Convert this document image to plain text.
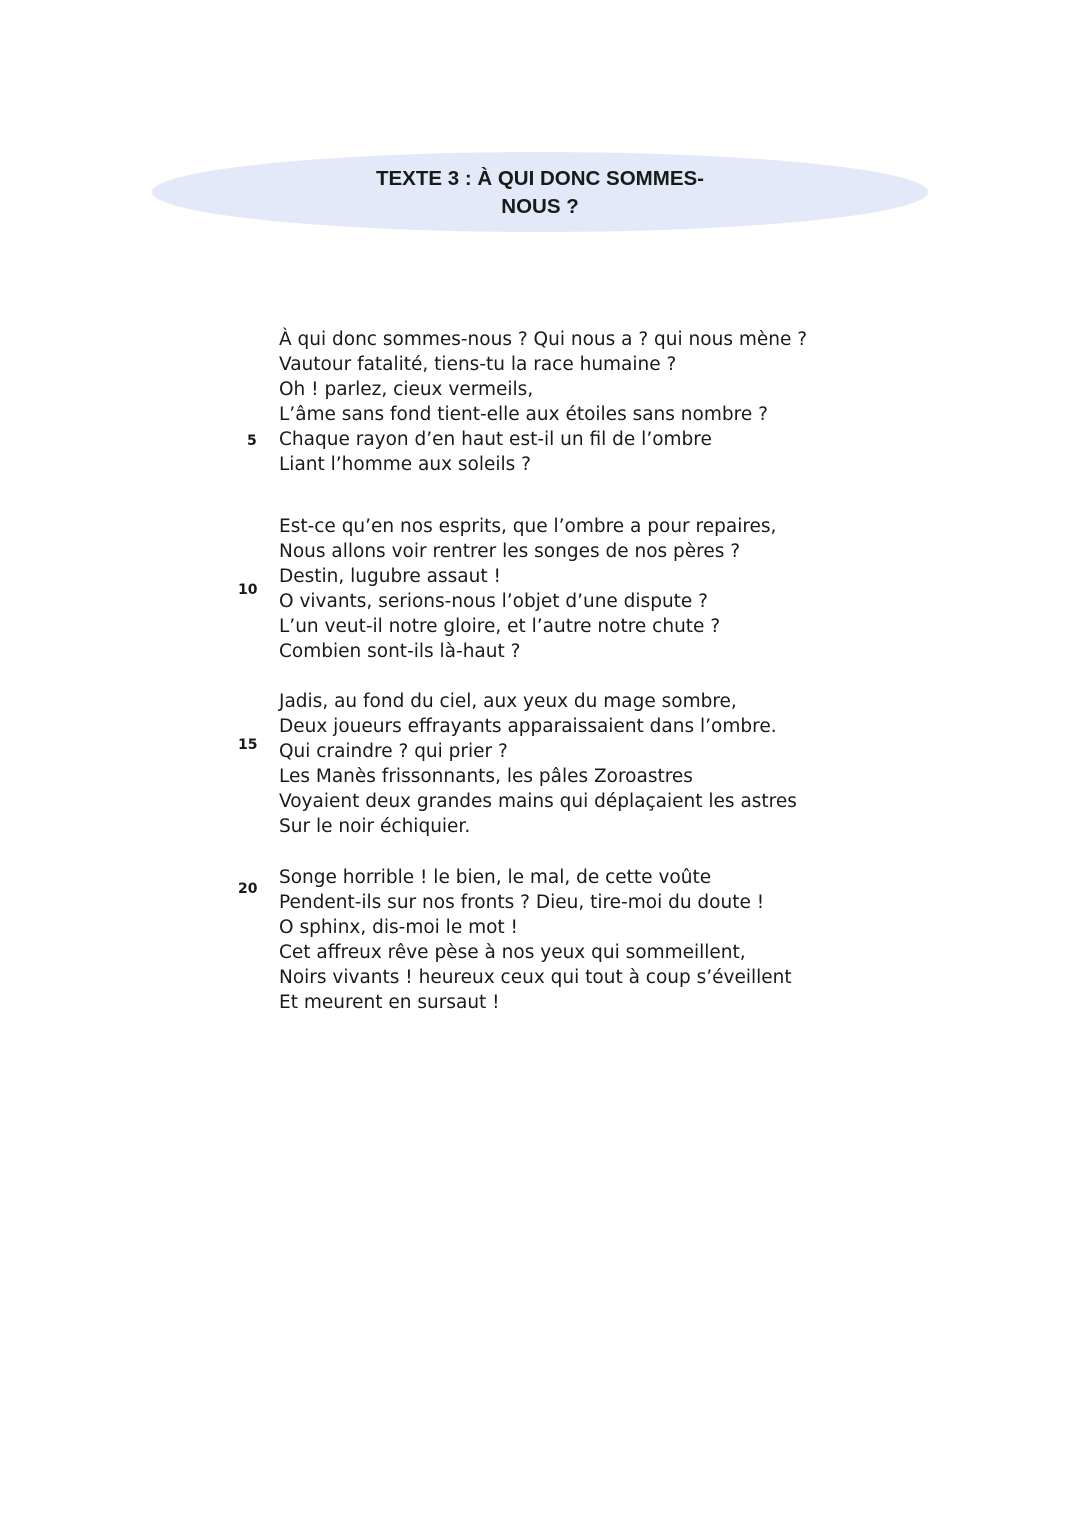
TEXTE 3 : À QUI DONC SOMMES-
NOUS ?
À qui donc sommes-nous ? Qui nous a ? qui nous mène ?
Vautour fatalité, tiens-tu la race humaine ?
Oh ! parlez, cieux vermeils,
L’âme sans fond tient-elle aux étoiles sans nombre ?
Chaque rayon d’en haut est-il un fil de l’ombre
Liant l’homme aux soleils ?
Est-ce qu’en nos esprits, que l’ombre a pour repaires,
Nous allons voir rentrer les songes de nos pères ?
Destin, lugubre assaut !
O vivants, serions-nous l’objet d’une dispute ?
L’un veut-il notre gloire, et l’autre notre chute ?
Combien sont-ils là-haut ?
Jadis, au fond du ciel, aux yeux du mage sombre,
Deux joueurs effrayants apparaissaient dans l’ombre.
Qui craindre ? qui prier ?
Les Manès frissonnants, les pâles Zoroastres
Voyaient deux grandes mains qui déplaçaient les astres
Sur le noir échiquier.
Songe horrible ! le bien, le mal, de cette voûte
Pendent-ils sur nos fronts ? Dieu, tire-moi du doute !
O sphinx, dis-moi le mot !
Cet affreux rêve pèse à nos yeux qui sommeillent,
Noirs vivants ! heureux ceux qui tout à coup s’éveillent
Et meurent en sursaut !
5
10
15
20
